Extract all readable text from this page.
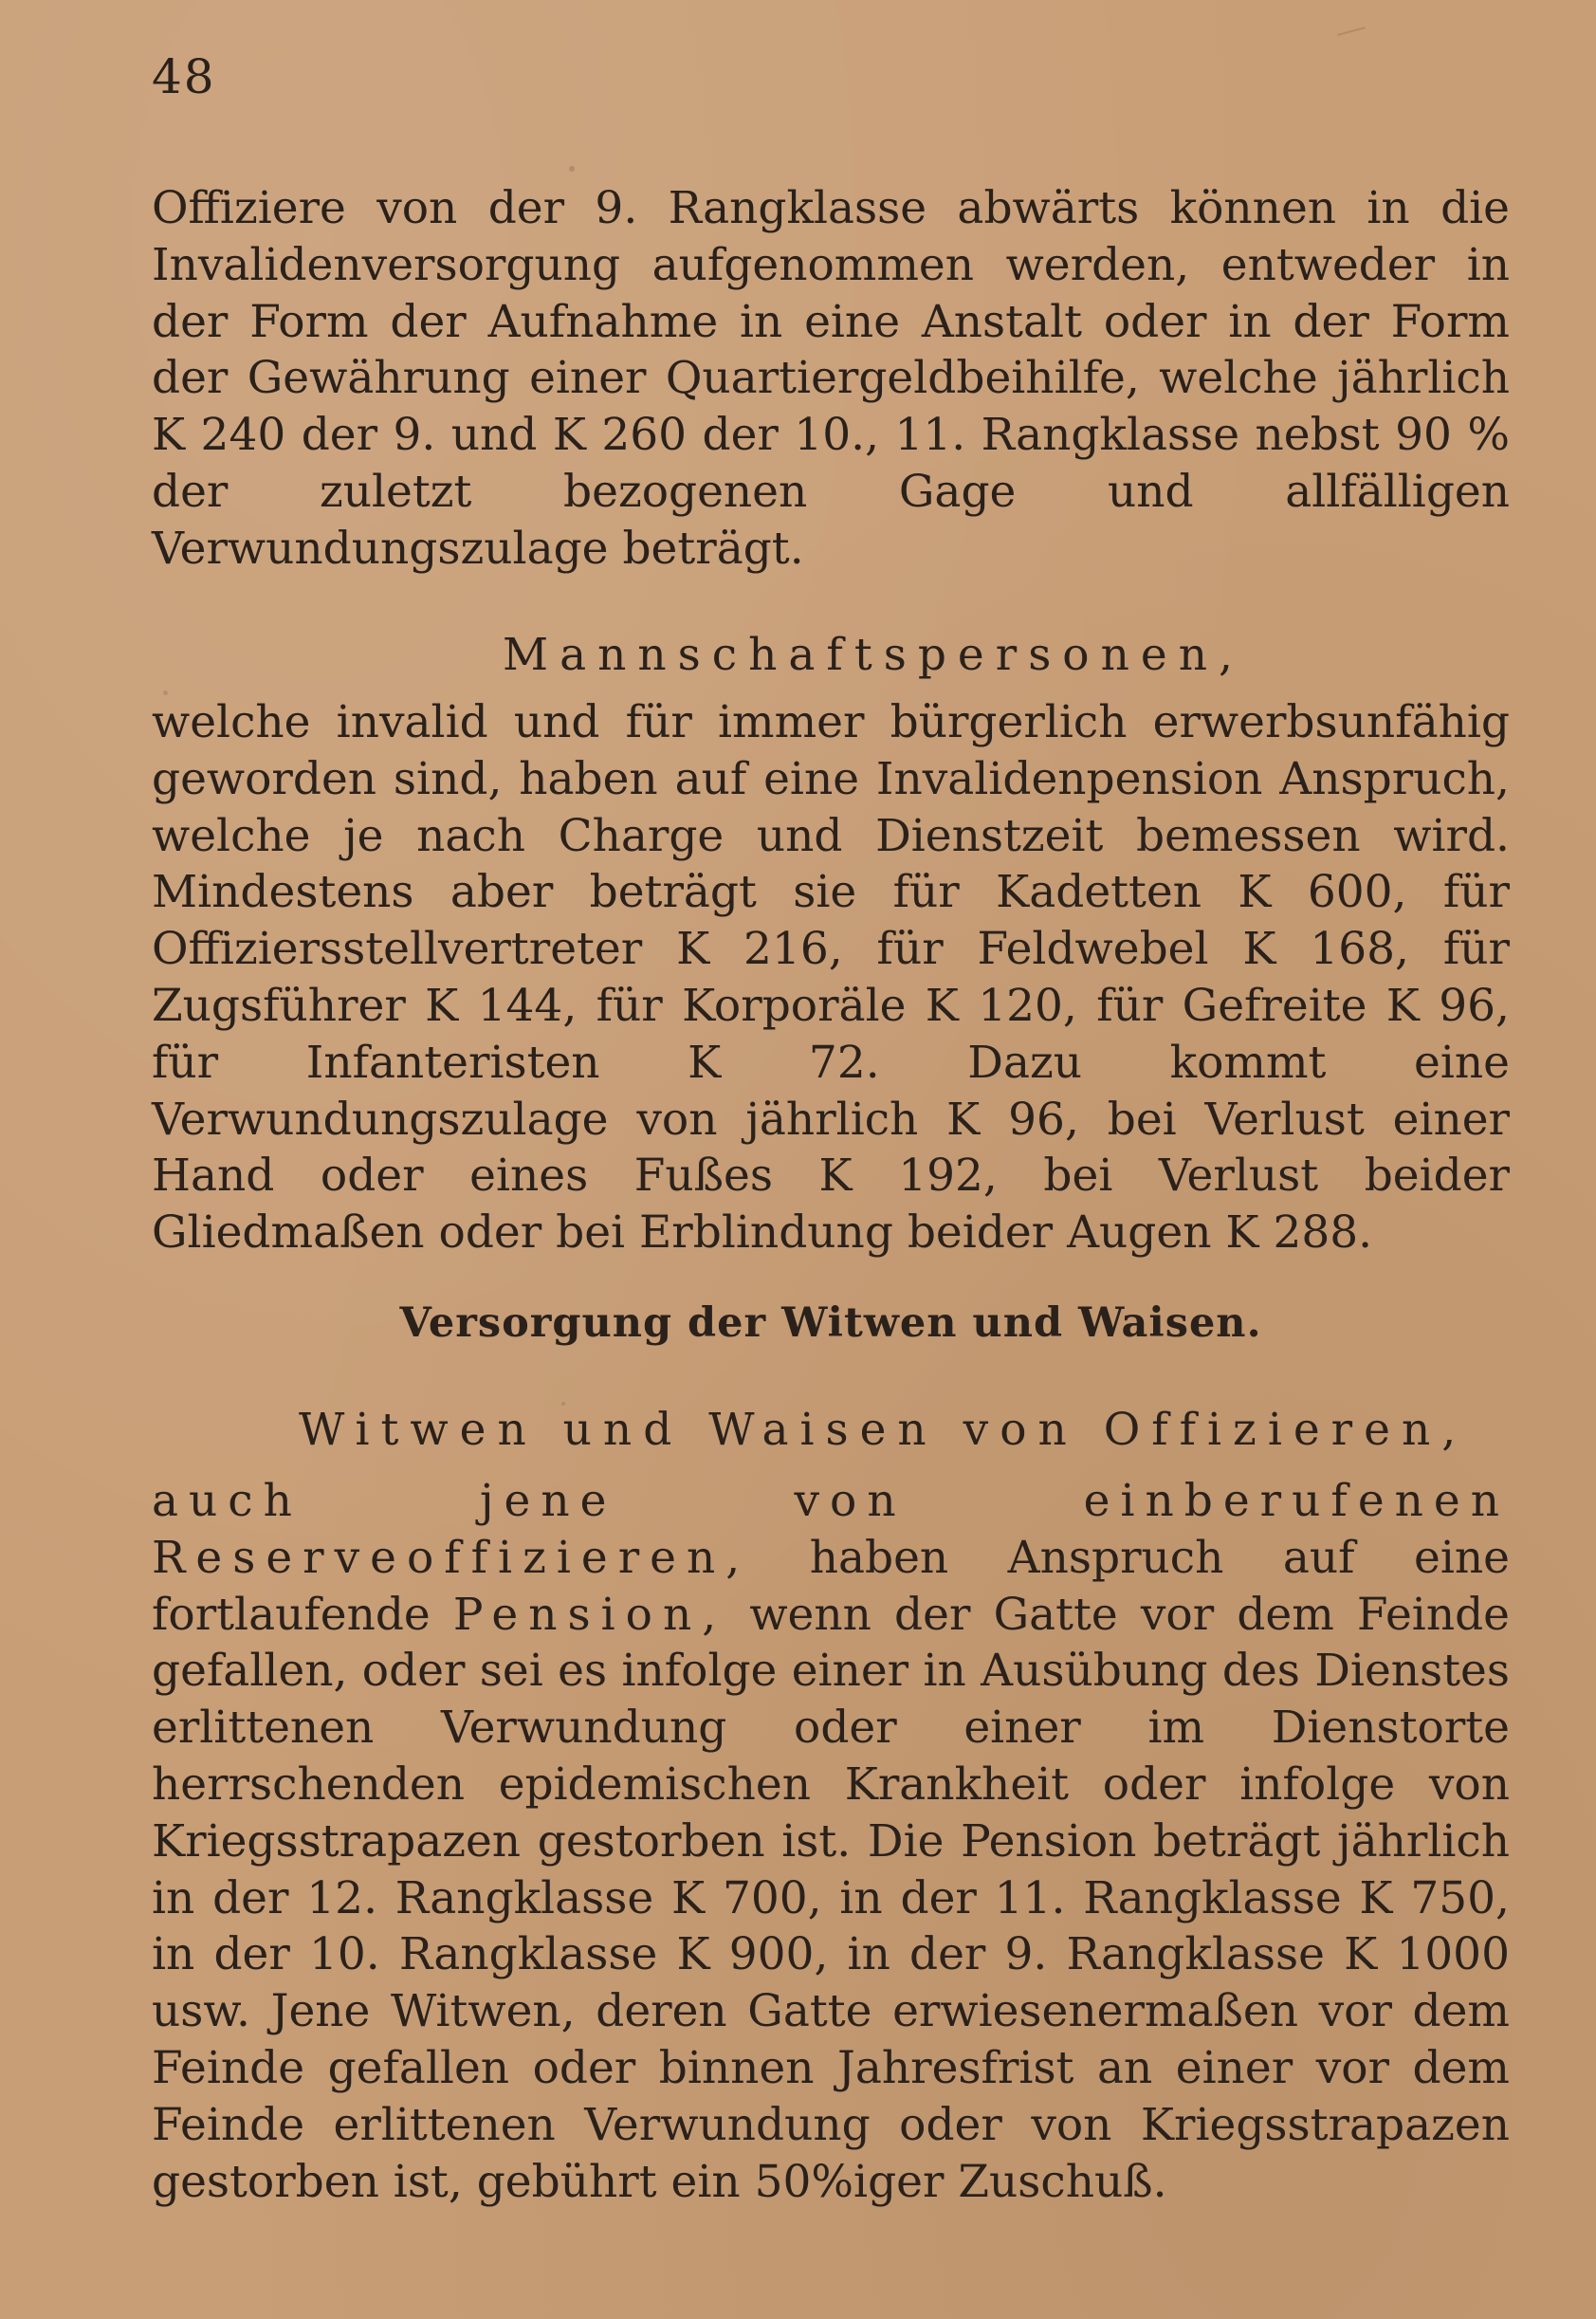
48

Offiziere von der 9. Rangklasse abwärts können in die Invalidenversorgung aufgenommen werden, entweder in der Form der Aufnahme in eine Anstalt oder in der Form der Gewährung einer Quartiergeldbeihilfe, welche jährlich K 240 der 9. und K 260 der 10., 11. Rangklasse nebst 90 % der zuletzt bezogenen Gage und allfälligen Verwundungszulage beträgt.

Mannschaftspersonen,

welche invalid und für immer bürgerlich erwerbsunfähig geworden sind, haben auf eine Invalidenpension Anspruch, welche je nach Charge und Dienstzeit bemessen wird. Mindestens aber beträgt sie für Kadetten K 600, für Offiziersstellvertreter K 216, für Feldwebel K 168, für Zugsführer K 144, für Korporäle K 120, für Gefreite K 96, für Infanteristen K 72. Dazu kommt eine Verwundungszulage von jährlich K 96, bei Verlust einer Hand oder eines Fußes K 192, bei Verlust beider Gliedmaßen oder bei Erblindung beider Augen K 288.

Versorgung der Witwen und Waisen.

Witwen und Waisen von Offizieren,

auch jene von einberufenen Reserveoffizieren, haben Anspruch auf eine fortlaufende Pension, wenn der Gatte vor dem Feinde gefallen, oder sei es infolge einer in Ausübung des Dienstes erlittenen Verwundung oder einer im Dienstorte herrschenden epidemischen Krankheit oder infolge von Kriegsstrapazen gestorben ist. Die Pension beträgt jährlich in der 12. Rangklasse K 700, in der 11. Rangklasse K 750, in der 10. Rangklasse K 900, in der 9. Rangklasse K 1000 usw. Jene Witwen, deren Gatte erwiesenermaßen vor dem Feinde gefallen oder binnen Jahresfrist an einer vor dem Feinde erlittenen Verwundung oder von Kriegsstrapazen gestorben ist, gebührt ein 50%iger Zuschuß.
